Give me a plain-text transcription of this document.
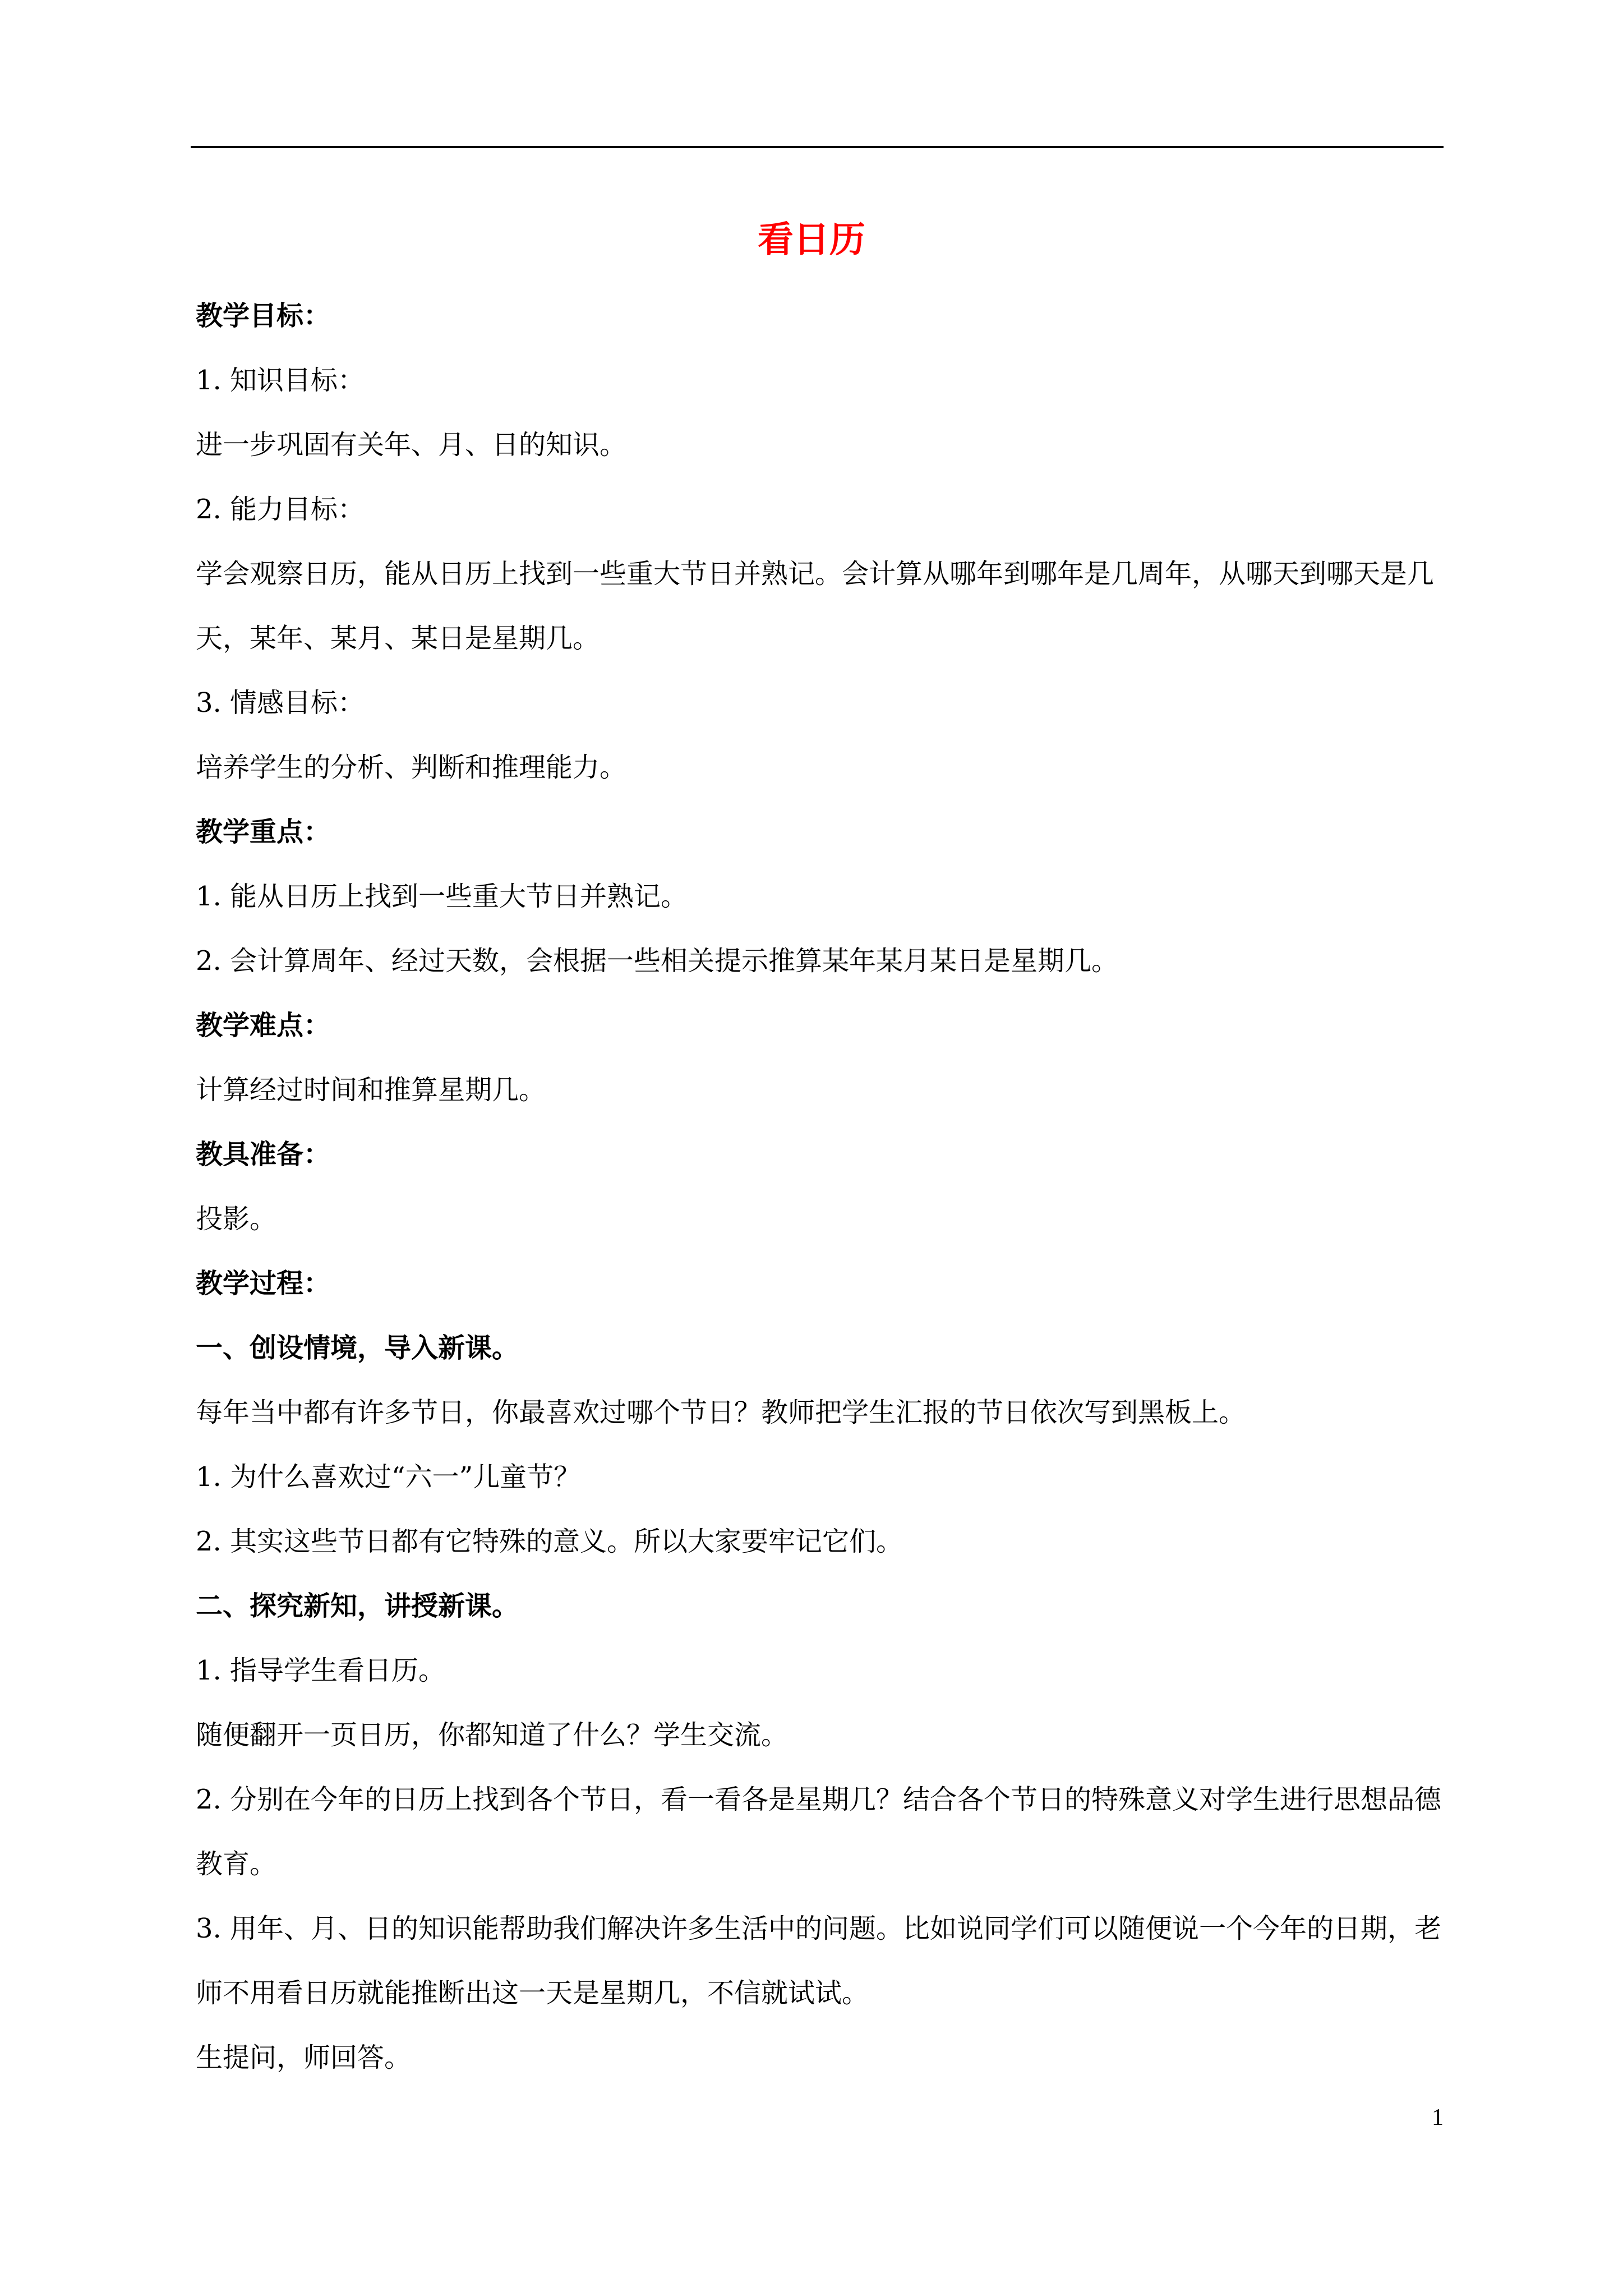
看日历
教学目标：
1. 知识目标：
进一步巩固有关年、月、日的知识。
2. 能力目标：
学会观察日历，能从日历上找到一些重大节日并熟记。会计算从哪年到哪年是几周年，从哪天到哪天是几天，某年、某月、某日是星期几。
3. 情感目标：
培养学生的分析、判断和推理能力。
教学重点：
1. 能从日历上找到一些重大节日并熟记。
2. 会计算周年、经过天数，会根据一些相关提示推算某年某月某日是星期几。
教学难点：
计算经过时间和推算星期几。
教具准备：
投影。
教学过程：
一、创设情境，导入新课。
每年当中都有许多节日，你最喜欢过哪个节日？教师把学生汇报的节日依次写到黑板上。
1. 为什么喜欢过“六一”儿童节？
2. 其实这些节日都有它特殊的意义。所以大家要牢记它们。
二、探究新知，讲授新课。
1. 指导学生看日历。
随便翻开一页日历，你都知道了什么？学生交流。
2. 分别在今年的日历上找到各个节日，看一看各是星期几？结合各个节日的特殊意义对学生进行思想品德教育。
3. 用年、月、日的知识能帮助我们解决许多生活中的问题。比如说同学们可以随便说一个今年的日期，老师不用看日历就能推断出这一天是星期几，不信就试试。
生提问，师回答。
1
